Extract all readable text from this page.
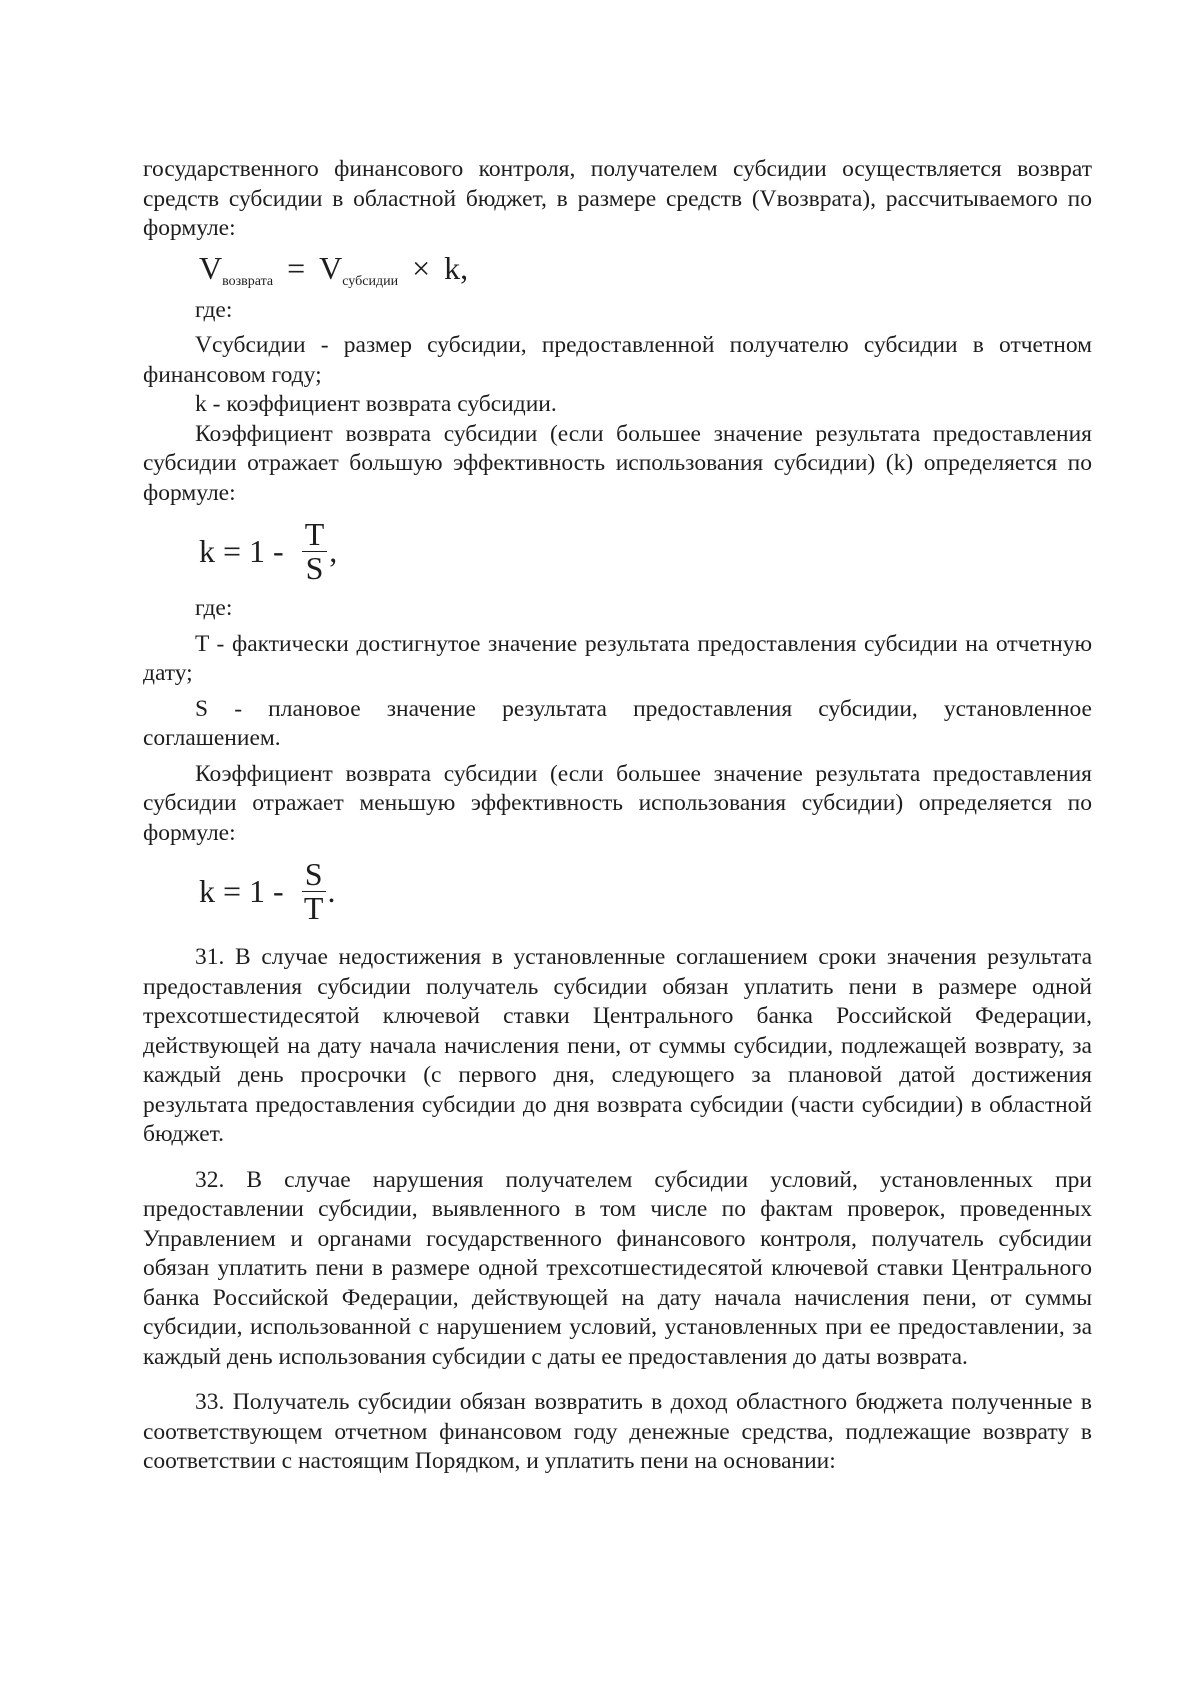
государственного финансового контроля, получателем субсидии осуществляется возврат средств субсидии в областной бюджет, в размере средств (Vвозврата), рассчитываемого по формуле:

$V_{возврата} = V_{субсидии} \times k$,

где:

Vсубсидии - размер субсидии, предоставленной получателю субсидии в отчетном финансовом году;

k - коэффициент возврата субсидии.

Коэффициент возврата субсидии (если большее значение результата предоставления субсидии отражает большую эффективность использования субсидии) (k) определяется по формуле:

$k = 1 - \frac{T}{S}$ ,

где:

T - фактически достигнутое значение результата предоставления субсидии на отчетную дату;

S - плановое значение результата предоставления субсидии, установленное соглашением.

Коэффициент возврата субсидии (если большее значение результата предоставления субсидии отражает меньшую эффективность использования субсидии) определяется по формуле:

$k = 1 - \frac{S}{T}$ .

31. В случае недостижения в установленные соглашением сроки значения результата предоставления субсидии получатель субсидии обязан уплатить пени в размере одной трехсотшестидесятой ключевой ставки Центрального банка Российской Федерации, действующей на дату начала начисления пени, от суммы субсидии, подлежащей возврату, за каждый день просрочки (с первого дня, следующего за плановой датой достижения результата предоставления субсидии до дня возврата субсидии (части субсидии) в областной бюджет.

32. В случае нарушения получателем субсидии условий, установленных при предоставлении субсидии, выявленного в том числе по фактам проверок, проведенных Управлением и органами государственного финансового контроля, получатель субсидии обязан уплатить пени в размере одной трехсотшестидесятой ключевой ставки Центрального банка Российской Федерации, действующей на дату начала начисления пени, от суммы субсидии, использованной с нарушением условий, установленных при ее предоставлении, за каждый день использования субсидии с даты ее предоставления до даты возврата.

33. Получатель субсидии обязан возвратить в доход областного бюджета полученные в соответствующем отчетном финансовом году денежные средства, подлежащие возврату в соответствии с настоящим Порядком, и уплатить пени на основании:
